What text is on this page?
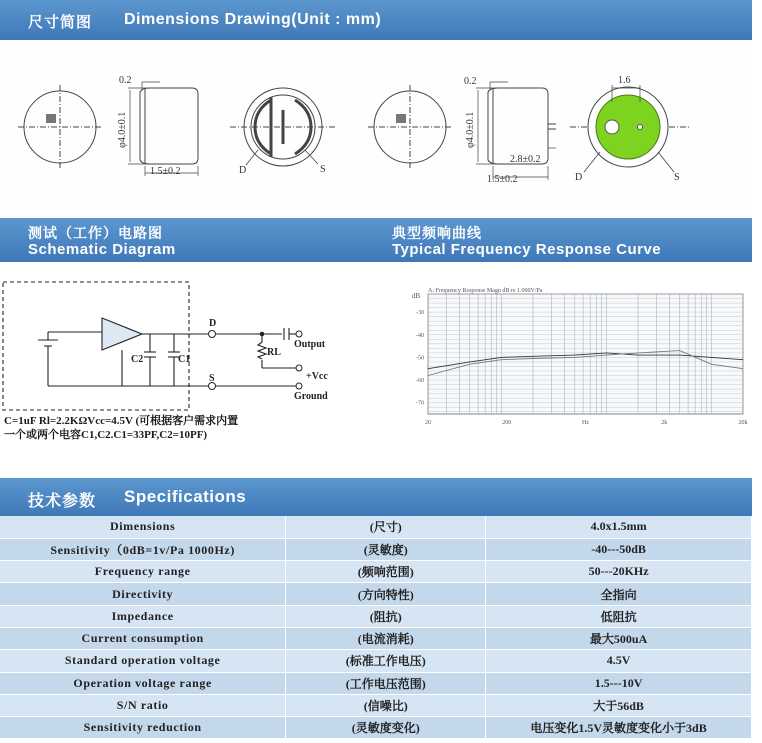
尺寸简图 Dimensions Drawing(Unit : mm)
0.2
φ4.0±0.1
1.5±0.2	D	S
0.2
φ4.0±0.1
2.8±0.2
1.5±0.2
1.6
D	S
测试（工作）电路图
Schematic Diagram
典型频响曲线
Typical Frequency Response Curve
D
S
C2	C1
RL
Output
+Vcc
Ground
A: Frequency Response Magn dB re 1.000V/Pa
dB
-30
-40
-50
-60
-70
20	200	Hz	2k	20k
C=1uF Rl=2.2KΩVcc=4.5V (可根据客户需求内置
一个或两个电容C1,C2.C1=33PF,C2=10PF)
技术参数 Specifications
Dimensions	(尺寸)	4.0x1.5mm
Sensitivity（0dB=1v/Pa 1000Hz)	(灵敏度)	-40---50dB
Frequency range	(频响范围)	50---20KHz
Directivity	(方向特性)	全指向
Impedance	(阻抗)	低阻抗
Current consumption	(电流消耗)	最大500uA
Standard operation voltage	(标准工作电压)	4.5V
Operation voltage range	(工作电压范围)	1.5---10V
S/N ratio	(信噪比)	大于56dB
Sensitivity reduction	(灵敏度变化)	电压变化1.5V灵敏度变化小于3dB
